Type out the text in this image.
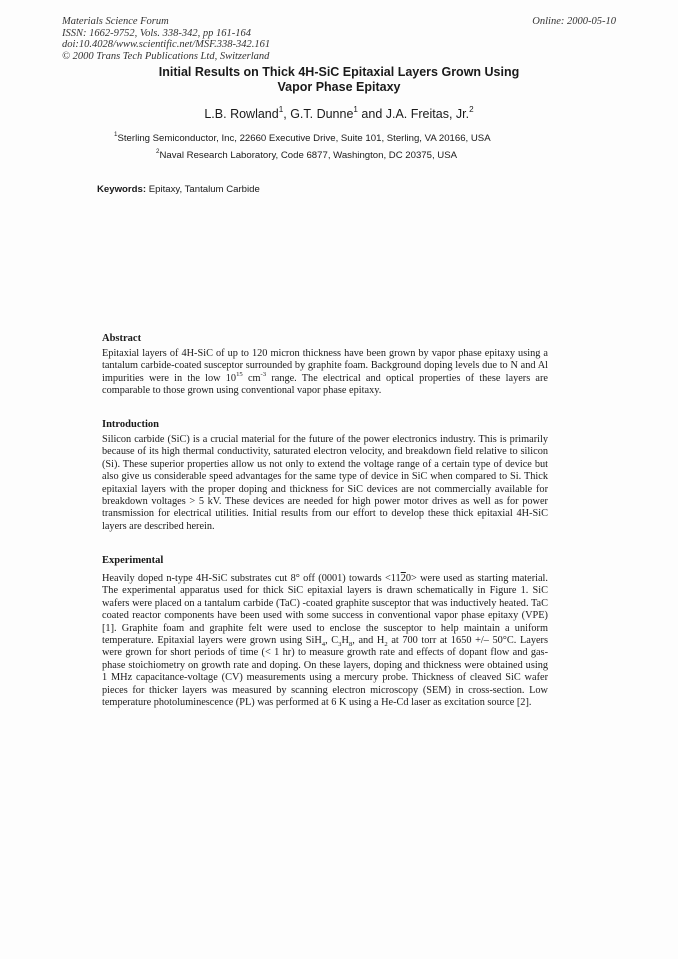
Materials Science Forum
ISSN: 1662-9752, Vols. 338-342, pp 161-164
doi:10.4028/www.scientific.net/MSF.338-342.161
© 2000 Trans Tech Publications Ltd, Switzerland
Online: 2000-05-10
Initial Results on Thick 4H-SiC Epitaxial Layers Grown Using
Vapor Phase Epitaxy
L.B. Rowland$^1$, G.T. Dunne$^1$ and J.A. Freitas, Jr.$^2$
$^1$Sterling Semiconductor, Inc, 22660 Executive Drive, Suite 101, Sterling, VA 20166, USA
$^2$Naval Research Laboratory, Code 6877, Washington, DC 20375, USA
Keywords: Epitaxy, Tantalum Carbide
Abstract
Epitaxial layers of 4H-SiC of up to 120 micron thickness have been grown by vapor phase epitaxy using a tantalum carbide-coated susceptor surrounded by graphite foam. Background doping levels due to N and Al impurities were in the low $10^{15}$ $cm^{-3}$ range. The electrical and optical properties of these layers are comparable to those grown using conventional vapor phase epitaxy.
Introduction
Silicon carbide (SiC) is a crucial material for the future of the power electronics industry. This is primarily because of its high thermal conductivity, saturated electron velocity, and breakdown field relative to silicon (Si). These superior properties allow us not only to extend the voltage range of a certain type of device but also give us considerable speed advantages for the same type of device in SiC when compared to Si. Thick epitaxial layers with the proper doping and thickness for SiC devices are not commercially available for breakdown voltages > 5 kV. These devices are needed for high power motor drives as well as for power transmission for electrical utilities. Initial results from our effort to develop these thick epitaxial 4H-SiC layers are described herein.
Experimental
Heavily doped n-type 4H-SiC substrates cut 8° off (0001) towards <1120> were used as starting material. The experimental apparatus used for thick SiC epitaxial layers is drawn schematically in Figure 1. SiC wafers were placed on a tantalum carbide (TaC) -coated graphite susceptor that was inductively heated. TaC coated reactor components have been used with some success in conventional vapor phase epitaxy (VPE) [1]. Graphite foam and graphite felt were used to enclose the susceptor to help maintain a uniform temperature. Epitaxial layers were grown using SiH$_4$, $C_3H_8$, and $H_2$ at 700 torr at 1650 +/– 50°C. Layers were grown for short periods of time (< 1 hr) to measure growth rate and effects of dopant flow and gas-phase stoichiometry on growth rate and doping. On these layers, doping and thickness were obtained using 1 MHz capacitance-voltage (CV) measurements using a mercury probe. Thickness of cleaved SiC wafer pieces for thicker layers was measured by scanning electron microscopy (SEM) in cross-section. Low temperature photoluminescence (PL) was performed at 6 K using a He-Cd laser as excitation source [2].
